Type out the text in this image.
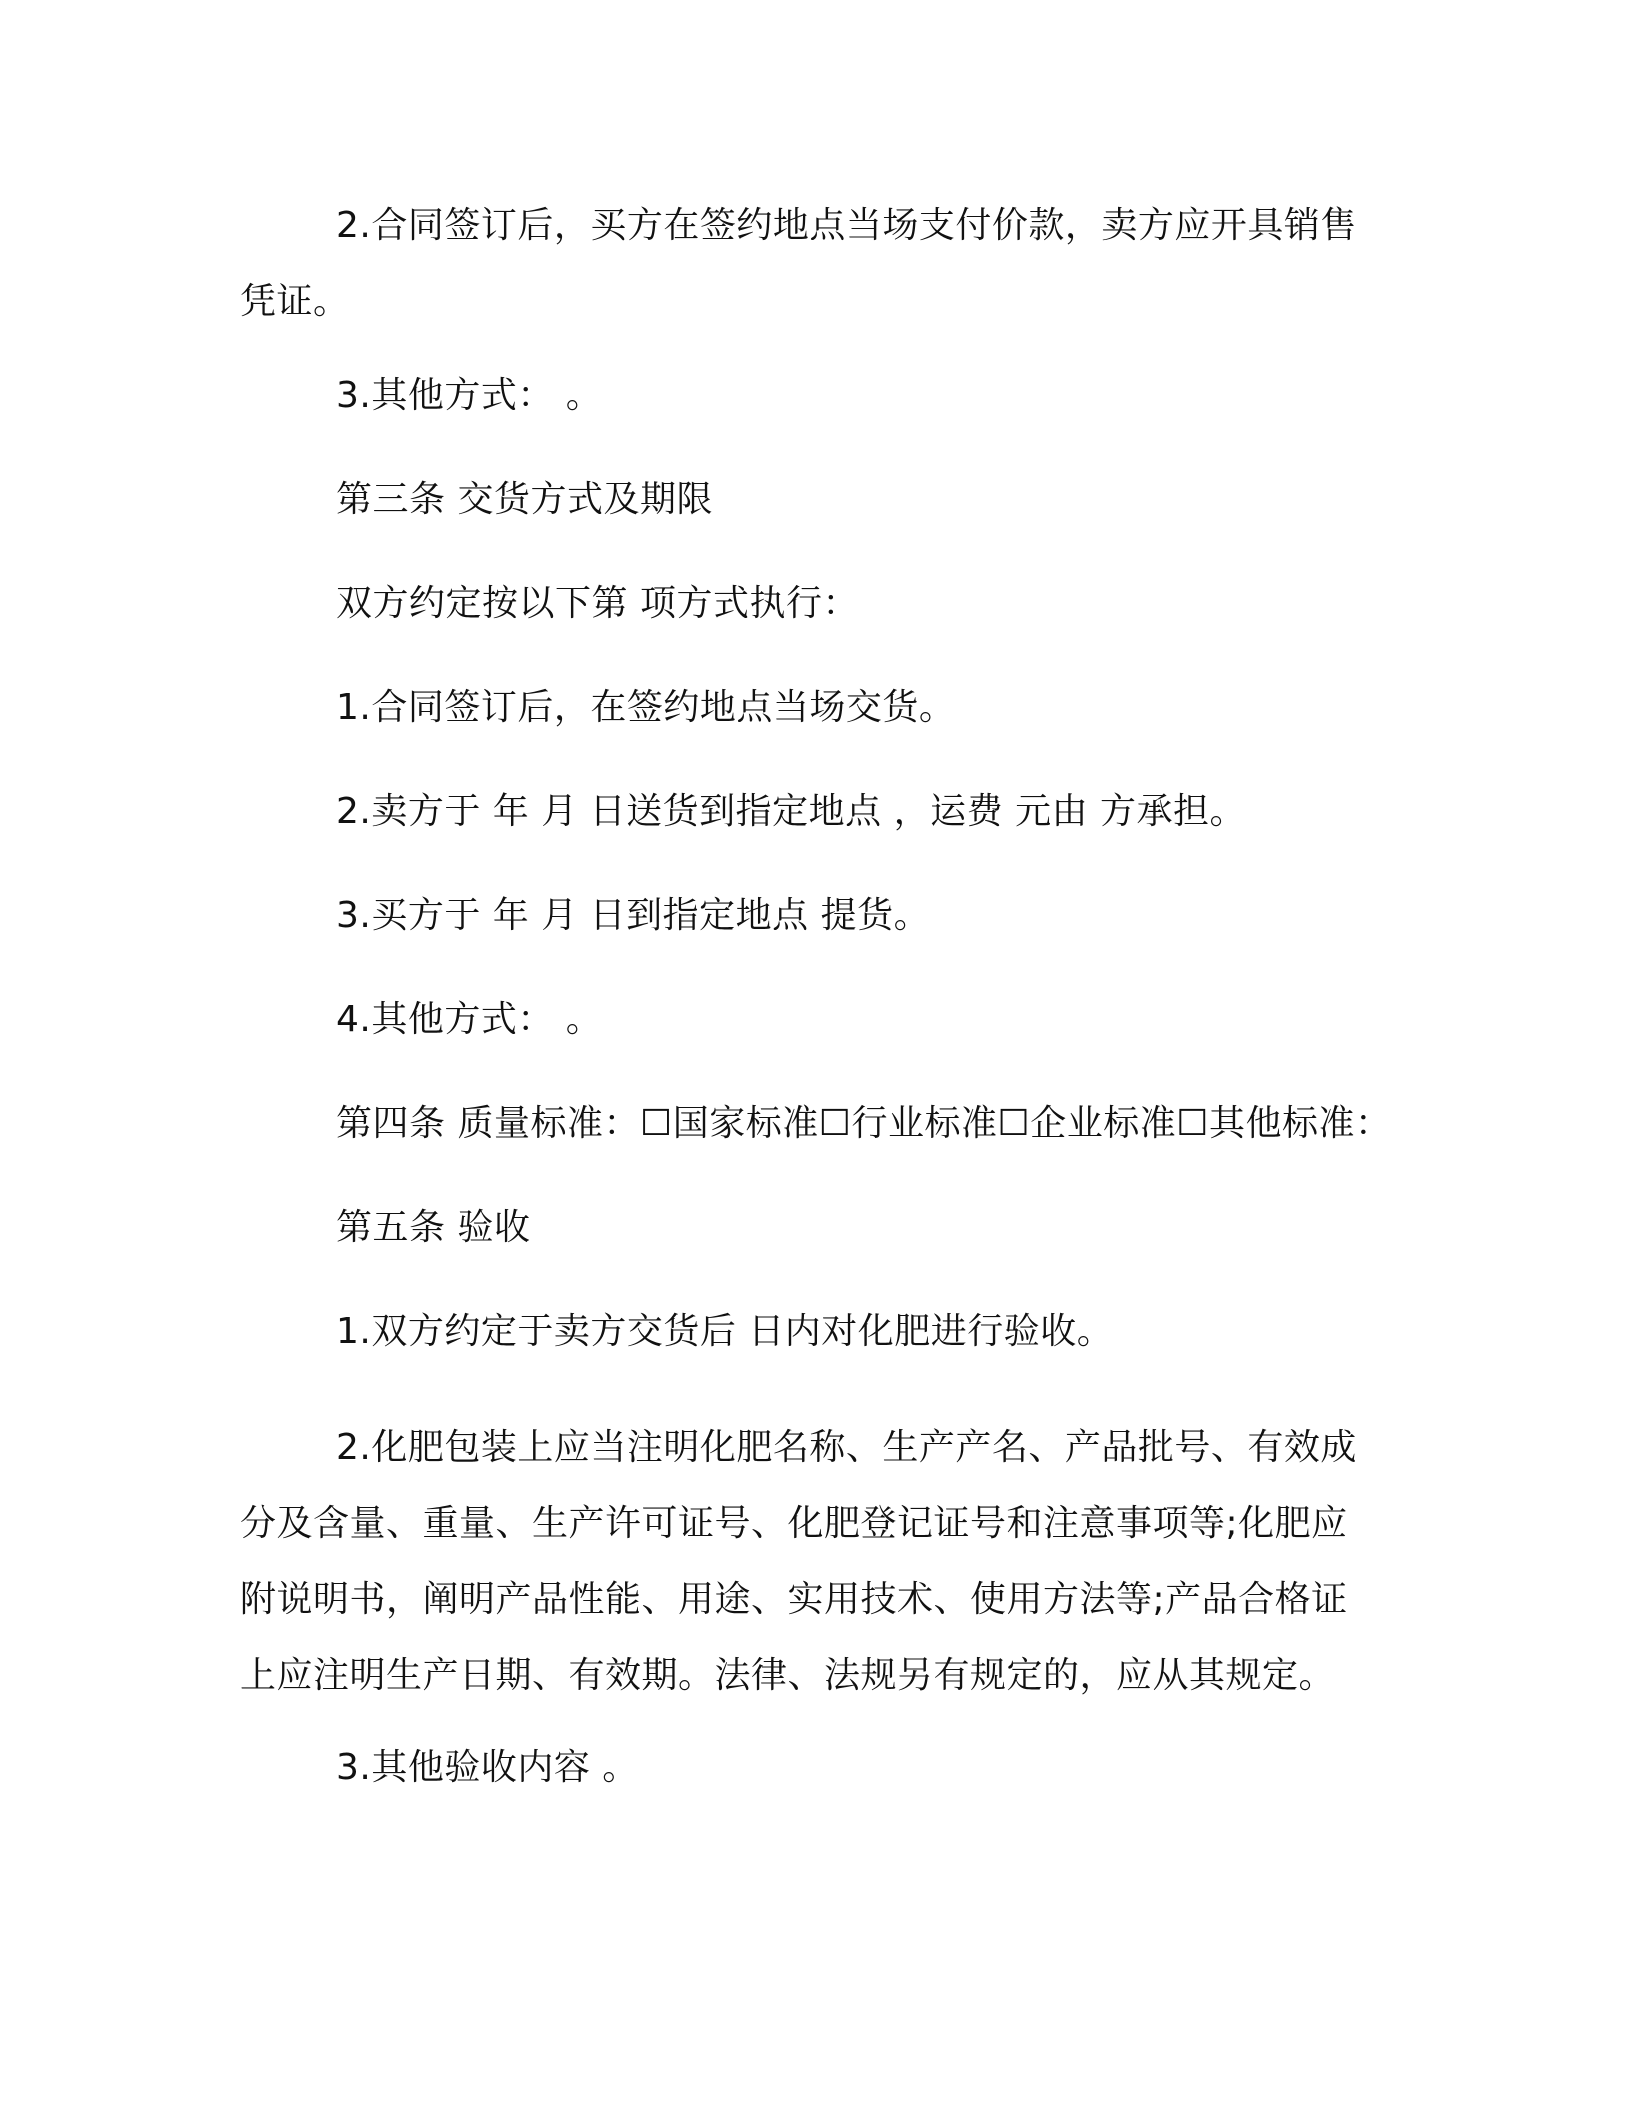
2.合同签订后，买方在签约地点当场支付价款，卖方应开具销售凭证。
3.其他方式： 。
第三条 交货方式及期限
双方约定按以下第 项方式执行：
1.合同签订后，在签约地点当场交货。
2.卖方于 年 月 日送货到指定地点 ，运费 元由 方承担。
3.买方于 年 月 日到指定地点 提货。
4.其他方式： 。
第四条 质量标准：☐国家标准☐行业标准☐企业标准☐其他标准：
第五条 验收
1.双方约定于卖方交货后 日内对化肥进行验收。
2.化肥包装上应当注明化肥名称、生产产名、产品批号、有效成分及含量、重量、生产许可证号、化肥登记证号和注意事项等;化肥应附说明书，阐明产品性能、用途、实用技术、使用方法等;产品合格证上应注明生产日期、有效期。法律、法规另有规定的，应从其规定。
3.其他验收内容 。
